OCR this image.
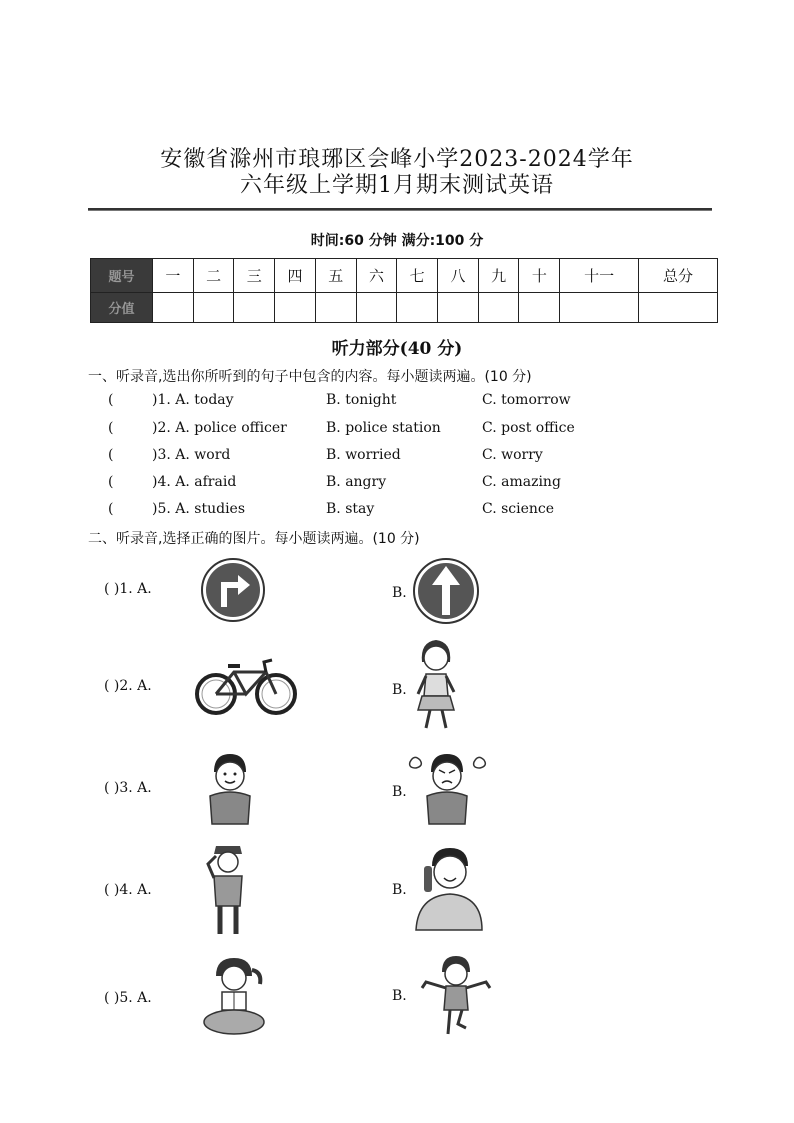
安徽省滁州市琅琊区会峰小学2023-2024学年
六年级上学期1月期末测试英语
时间:60 分钟 满分:100 分
题号	一	二	三	四	五	六	七	八	九	十	十一	总分
分值												
听力部分(40 分)
一、听录音,选出你所听到的句子中包含的内容。每小题读两遍。(10 分)
(	)1. A. today	B. tonight	C. tomorrow
(	)2. A. police officer	B. police station	C. post office
(	)3. A. word	B. worried	C. worry
(	)4. A. afraid	B. angry	C. amazing
(	)5. A. studies	B. stay	C. science
二、听录音,选择正确的图片。每小题读两遍。(10 分)
( )1. A.	B.
( )2. A.	B.
( )3. A.	B.
( )4. A.	B.
( )5. A.	B.
